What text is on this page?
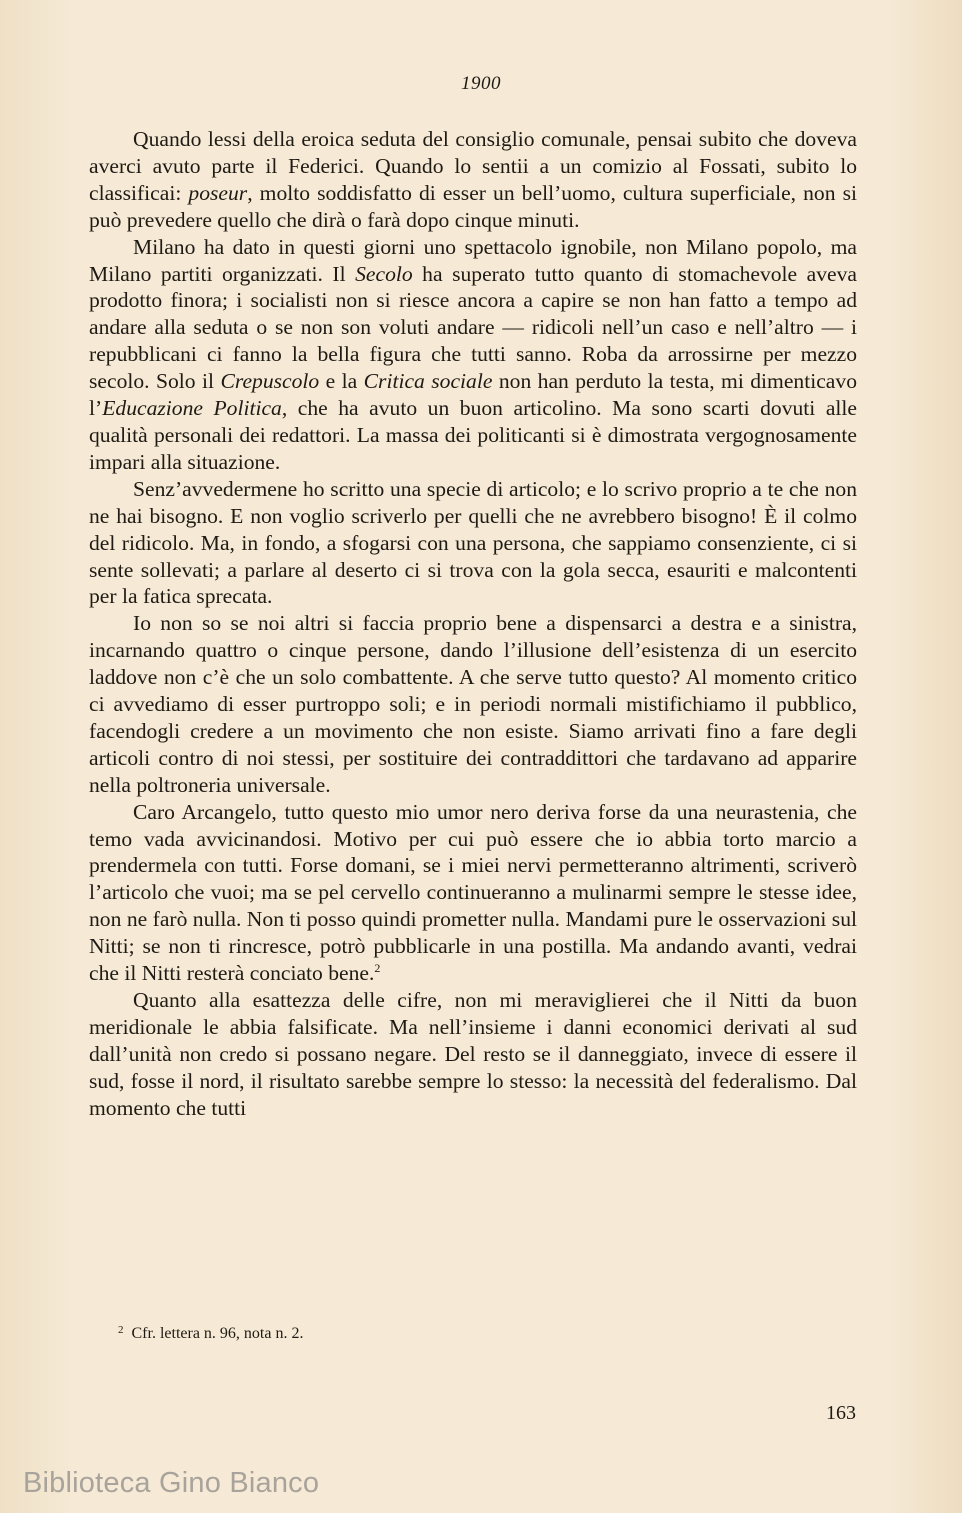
1900

Quando lessi della eroica seduta del consiglio comunale, pensai subito che doveva averci avuto parte il Federici. Quando lo sentii a un comizio al Fossati, subito lo classificai: poseur, molto soddisfatto di esser un bell’uomo, cultura superficiale, non si può prevedere quello che dirà o farà dopo cinque minuti.

Milano ha dato in questi giorni uno spettacolo ignobile, non Milano popolo, ma Milano partiti organizzati. Il Secolo ha superato tutto quanto di stomachevole aveva prodotto finora; i socialisti non si riesce ancora a capire se non han fatto a tempo ad andare alla seduta o se non son voluti andare — ridicoli nell’un caso e nell’altro — i repubblicani ci fanno la bella figura che tutti sanno. Roba da arrossirne per mezzo secolo. Solo il Crepuscolo e la Critica sociale non han perduto la testa, mi dimenticavo l’Educazione Politica, che ha avuto un buon articolino. Ma sono scarti dovuti alle qualità personali dei redattori. La massa dei politicanti si è dimostrata vergognosamente impari alla situazione.

Senz’avvedermene ho scritto una specie di articolo; e lo scrivo proprio a te che non ne hai bisogno. E non voglio scriverlo per quelli che ne avrebbero bisogno! È il colmo del ridicolo. Ma, in fondo, a sfogarsi con una persona, che sappiamo consenziente, ci si sente sollevati; a parlare al deserto ci si trova con la gola secca, esauriti e malcontenti per la fatica sprecata.

Io non so se noi altri si faccia proprio bene a dispensarci a destra e a sinistra, incarnando quattro o cinque persone, dando l’illusione dell’esistenza di un esercito laddove non c’è che un solo combattente. A che serve tutto questo? Al momento critico ci avvediamo di esser purtroppo soli; e in periodi normali mistifichiamo il pubblico, facendogli credere a un movimento che non esiste. Siamo arrivati fino a fare degli articoli contro di noi stessi, per sostituire dei contraddittori che tardavano ad apparire nella poltroneria universale.

Caro Arcangelo, tutto questo mio umor nero deriva forse da una neurastenia, che temo vada avvicinandosi. Motivo per cui può essere che io abbia torto marcio a prendermela con tutti. Forse domani, se i miei nervi permetteranno altrimenti, scriverò l’articolo che vuoi; ma se pel cervello continueranno a mulinarmi sempre le stesse idee, non ne farò nulla. Non ti posso quindi prometter nulla. Mandami pure le osservazioni sul Nitti; se non ti rincresce, potrò pubblicarle in una postilla. Ma andando avanti, vedrai che il Nitti resterà conciato bene.$^2$

Quanto alla esattezza delle cifre, non mi meraviglierei che il Nitti da buon meridionale le abbia falsificate. Ma nell’insieme i danni economici derivati al sud dall’unità non credo si possano negare. Del resto se il danneggiato, invece di essere il sud, fosse il nord, il risultato sarebbe sempre lo stesso: la necessità del federalismo. Dal momento che tutti

$^2$ Cfr. lettera n. 96, nota n. 2.
163
Biblioteca Gino Bianco
